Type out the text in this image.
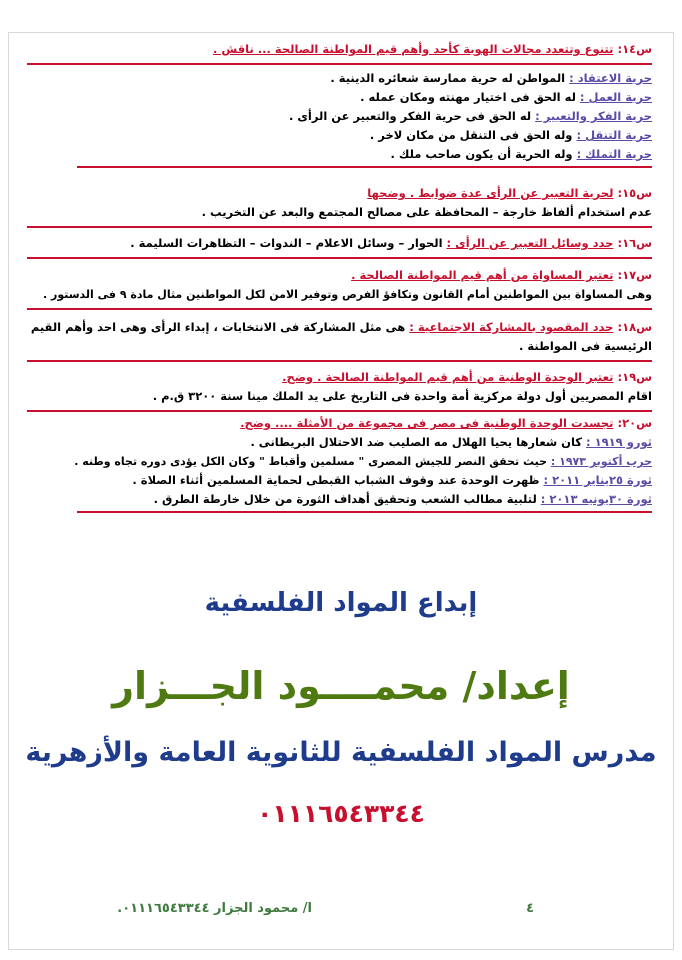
س١٤: تتنوع وتتعدد مجالات الهوية كأحد وأهم قيم المواطنة الصالحة ... ناقش .
حرية الاعتقاد : المواطن له حرية ممارسة شعائره الدينية .
حرية العمل : له الحق فى اختيار مهنته ومكان عمله .
حرية الفكر والتعبير : له الحق فى حرية الفكر والتعبير عن الرأى .
حرية التنقل : وله الحق فى التنقل من مكان لاخر .
حرية التملك : وله الحرية أن يكون صاحب ملك .
س١٥: لحرية التعبير عن الرأى عدة ضوابط . وضحها
عدم استخدام ألفاظ خارجة – المحافظة على مصالح المجتمع والبعد عن التخريب .
س١٦: حدد وسائل التعبير عن الرأى : الحوار – وسائل الاعلام – الندوات – التظاهرات السليمة .
س١٧: تعتبر المساواة من أهم قيم المواطنة الصالحة .
وهى المساواة بين المواطنين أمام القانون وتكافؤ الفرص وتوفير الامن لكل المواطنين مثال مادة ٩ فى الدستور .
س١٨: حدد المقصود بالمشاركة الاجتماعية : هى مثل المشاركة فى الانتخابات ، إبداء الرأى وهى احد وأهم القيم
الرئيسية فى المواطنة .
س١٩: تعتبر الوحدة الوطنية من أهم قيم المواطنة الصالحة . وضح.
اقام المصريين أول دولة مركزية أمة واحدة فى التاريخ على يد الملك مينا سنة ٣٢٠٠ ق.م .
س٢٠: تجسدت الوحدة الوطنية فى مصر فى مجموعة من الأمثلة .... وضح.
ثورو ١٩١٩ : كان شعارها يحيا الهلال مه الصليب ضد الاحتلال البريطانى .
حرب أكتوبر ١٩٧٣ : حيث تحقق النصر للجيش المصرى " مسلمين وأقباط " وكان الكل يؤدى دوره تجاه وطنه .
ثورة ٢٥يناير ٢٠١١ : ظهرت الوحدة عند وقوف الشباب القبطى لحماية المسلمين أثناء الصلاة .
ثورة ٣٠يونيه ٢٠١٣ : لتلبية مطالب الشعب وتحقيق أهداف الثورة من خلال خارطة الطرق .
إبداع المواد الفلسفية
إعداد/ محمــــود الجـــزار
مدرس المواد الفلسفية للثانوية العامة والأزهرية
٠١١١٦٥٤٣٣٤٤
ا/ محمود الجزار ٠١١١٦٥٤٣٣٤٤.	٤
